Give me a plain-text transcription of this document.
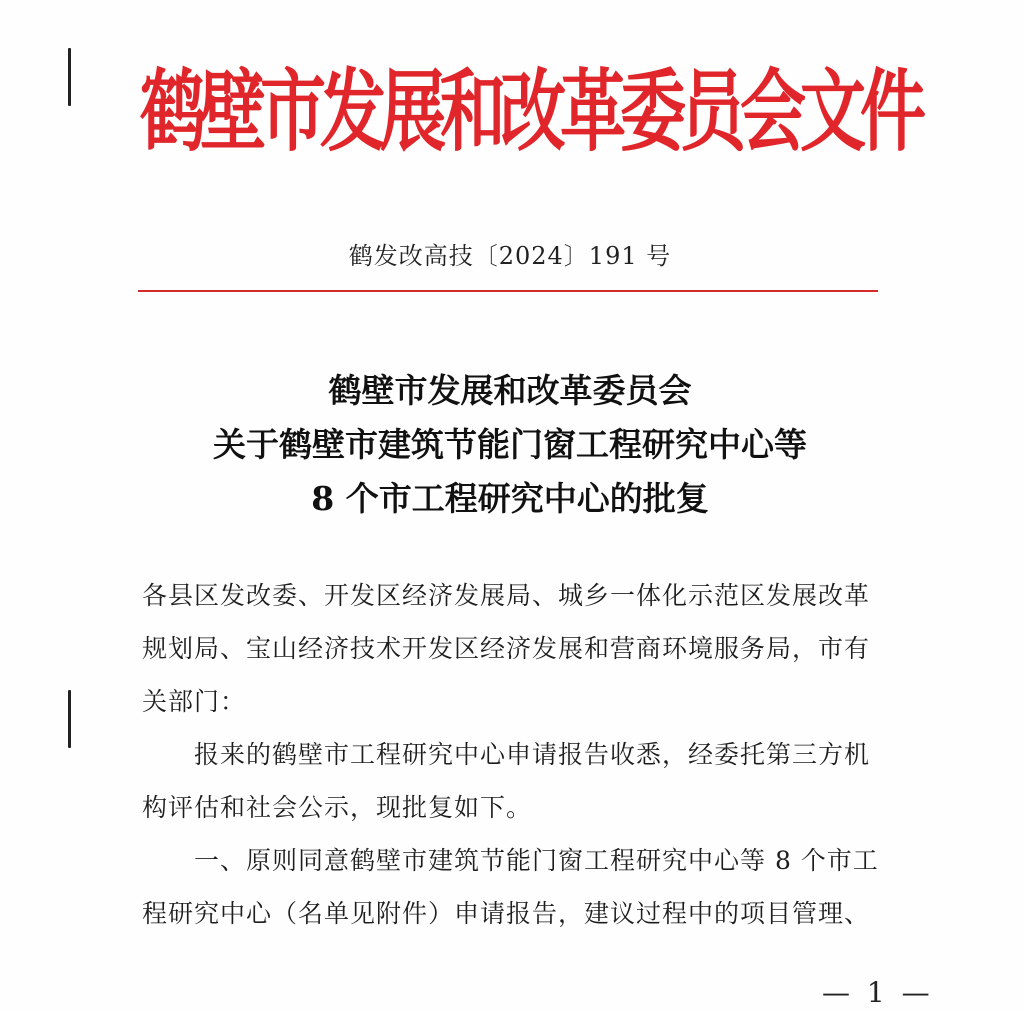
鹤壁市发展和改革委员会文件
鹤发改高技〔2024〕191 号
鹤壁市发展和改革委员会
关于鹤壁市建筑节能门窗工程研究中心等
8 个市工程研究中心的批复
各县区发改委、开发区经济发展局、城乡一体化示范区发展改革
规划局、宝山经济技术开发区经济发展和营商环境服务局，市有
关部门：
　　报来的鹤壁市工程研究中心申请报告收悉，经委托第三方机
构评估和社会公示，现批复如下。
　　一、原则同意鹤壁市建筑节能门窗工程研究中心等 8 个市工
程研究中心（名单见附件）申请报告，建议过程中的项目管理、
— 1 —
